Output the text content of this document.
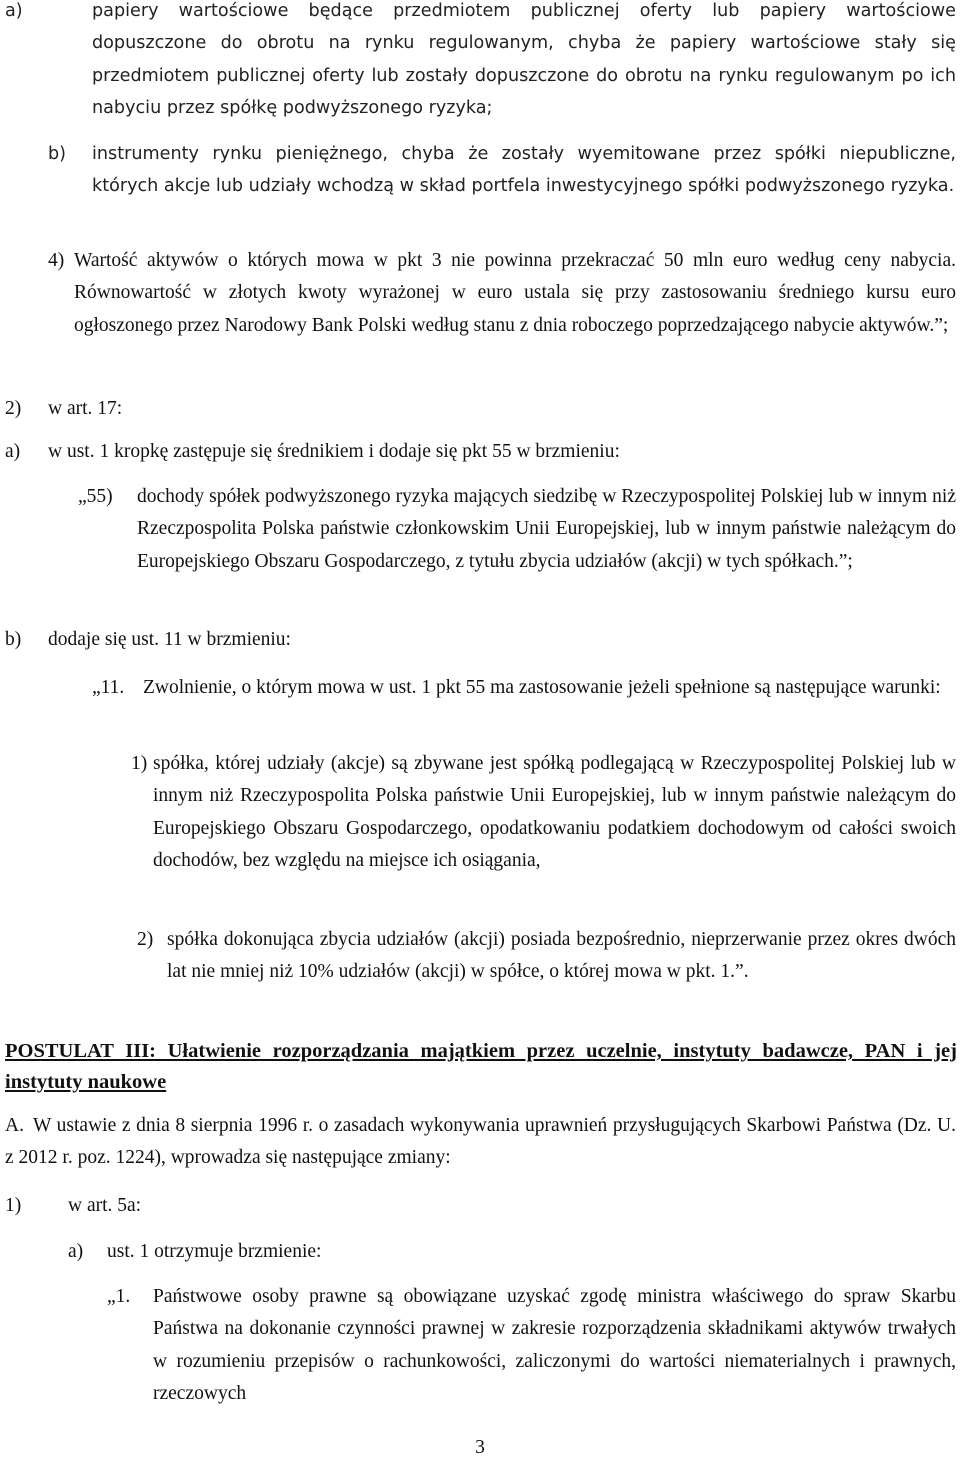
a)	papiery wartościowe będące przedmiotem publicznej oferty lub papiery wartościowe dopuszczone do obrotu na rynku regulowanym, chyba że papiery wartościowe stały się przedmiotem publicznej oferty lub zostały dopuszczone do obrotu na rynku regulowanym po ich nabyciu przez spółkę podwyższonego ryzyka;

b) instrumenty rynku pieniężnego, chyba że zostały wyemitowane przez spółki niepubliczne, których akcje lub udziały wchodzą w skład portfela inwestycyjnego spółki podwyższonego ryzyka.

4) Wartość aktywów o których mowa w pkt 3 nie powinna przekraczać 50 mln euro według ceny nabycia. Równowartość w złotych kwoty wyrażonej w euro ustala się przy zastosowaniu średniego kursu euro ogłoszonego przez Narodowy Bank Polski według stanu z dnia roboczego poprzedzającego nabycie aktywów.”;

2) w art. 17:

a) w ust. 1 kropkę zastępuje się średnikiem i dodaje się pkt 55 w brzmieniu:

„55) dochody spółek podwyższonego ryzyka mających siedzibę w Rzeczypospolitej Polskiej lub w innym niż Rzeczpospolita Polska państwie członkowskim Unii Europejskiej, lub w innym państwie należącym do Europejskiego Obszaru Gospodarczego, z tytułu zbycia udziałów (akcji) w tych spółkach.”;

b) dodaje się ust. 11 w brzmieniu:

„11. Zwolnienie, o którym mowa w ust. 1 pkt 55 ma zastosowanie jeżeli spełnione są następujące warunki:

1) spółka, której udziały (akcje) są zbywane jest spółką podlegającą w Rzeczypospolitej Polskiej lub w innym niż Rzeczypospolita Polska państwie Unii Europejskiej, lub w innym państwie należącym do Europejskiego Obszaru Gospodarczego, opodatkowaniu podatkiem dochodowym od całości swoich dochodów, bez względu na miejsce ich osiągania,

2) spółka dokonująca zbycia udziałów (akcji) posiada bezpośrednio, nieprzerwanie przez okres dwóch lat nie mniej niż 10% udziałów (akcji) w spółce, o której mowa w pkt. 1.”.

POSTULAT III: Ułatwienie rozporządzania majątkiem przez uczelnie, instytuty badawcze, PAN i jej instytuty naukowe

A. W ustawie z dnia 8 sierpnia 1996 r. o zasadach wykonywania uprawnień przysługujących Skarbowi Państwa (Dz. U. z 2012 r. poz. 1224), wprowadza się następujące zmiany:

1) w art. 5a:

a) ust. 1 otrzymuje brzmienie:

„1. Państwowe osoby prawne są obowiązane uzyskać zgodę ministra właściwego do spraw Skarbu Państwa na dokonanie czynności prawnej w zakresie rozporządzenia składnikami aktywów trwałych w rozumieniu przepisów o rachunkowości, zaliczonymi do wartości niematerialnych i prawnych, rzeczowych

3
